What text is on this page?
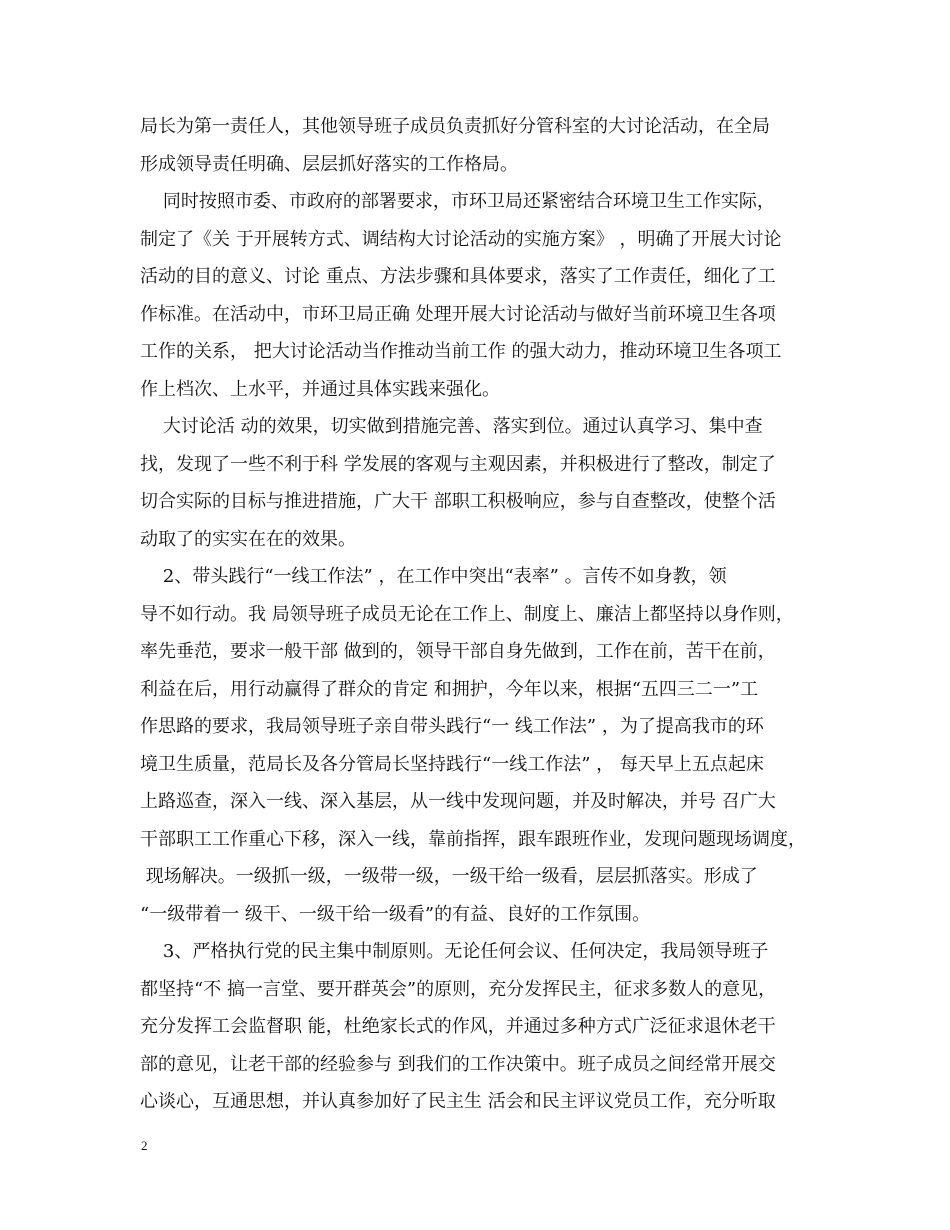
局长为第一责任人，其他领导班子成员负责抓好分管科室的大讨论活动，在全局
形成领导责任明确、层层抓好落实的工作格局。
同时按照市委、市政府的部署要求，市环卫局还紧密结合环境卫生工作实际，
制定了《关 于开展转方式、调结构大讨论活动的实施方案》 ，明确了开展大讨论
活动的目的意义、讨论 重点、方法步骤和具体要求，落实了工作责任，细化了工
作标准。在活动中，市环卫局正确 处理开展大讨论活动与做好当前环境卫生各项
工作的关系， 把大讨论活动当作推动当前工作 的强大动力，推动环境卫生各项工
作上档次、上水平，并通过具体实践来强化。
大讨论活 动的效果，切实做到措施完善、落实到位。通过认真学习、集中查
找，发现了一些不利于科 学发展的客观与主观因素，并积极进行了整改，制定了
切合实际的目标与推进措施，广大干 部职工积极响应，参与自查整改，使整个活
动取了的实实在在的效果。
2、带头践行“一线工作法” ，在工作中突出“表率” 。言传不如身教，领
导不如行动。我 局领导班子成员无论在工作上、制度上、廉洁上都坚持以身作则，
率先垂范，要求一般干部 做到的，领导干部自身先做到，工作在前，苦干在前，
利益在后，用行动赢得了群众的肯定 和拥护，今年以来，根据“五四三二一”工
作思路的要求，我局领导班子亲自带头践行“一 线工作法” ，为了提高我市的环
境卫生质量，范局长及各分管局长坚持践行“一线工作法” ， 每天早上五点起床
上路巡查，深入一线、深入基层，从一线中发现问题，并及时解决，并号 召广大
干部职工工作重心下移，深入一线，靠前指挥，跟车跟班作业，发现问题现场调度，
现场解决。一级抓一级，一级带一级，一级干给一级看，层层抓落实。形成了
“一级带着一 级干、一级干给一级看”的有益、良好的工作氛围。
3、严格执行党的民主集中制原则。无论任何会议、任何决定，我局领导班子
都坚持“不 搞一言堂、要开群英会”的原则，充分发挥民主，征求多数人的意见，
充分发挥工会监督职 能，杜绝家长式的作风，并通过多种方式广泛征求退休老干
部的意见，让老干部的经验参与 到我们的工作决策中。班子成员之间经常开展交
心谈心，互通思想，并认真参加好了民主生 活会和民主评议党员工作，充分听取
2
